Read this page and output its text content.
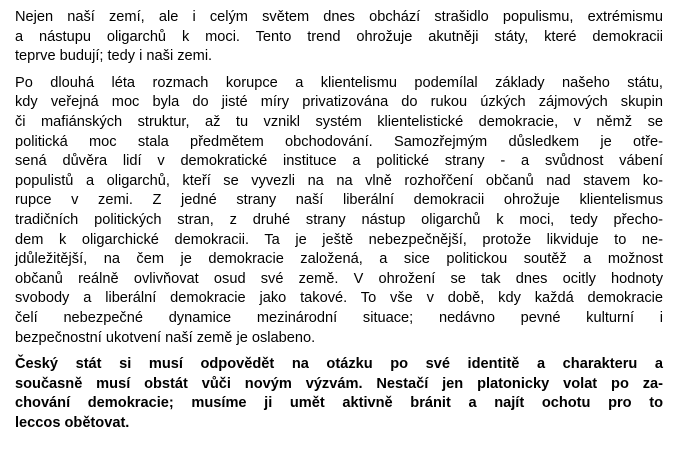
Nejen naší zemí, ale i celým světem dnes obchází strašidlo populismu, extrémismu
a nástupu oligarchů k moci. Tento trend ohrožuje akutněji státy, které demokracii
teprve budují; tedy i naši zemi.

Po dlouhá léta rozmach korupce a klientelismu podemílal základy našeho státu,
kdy veřejná moc byla do jisté míry privatizována do rukou úzkých zájmových skupin
či mafiánských struktur, až tu vznikl systém klientelistické demokracie, v němž se
politická moc stala předmětem obchodování. Samozřejmým důsledkem je otře-
sená důvěra lidí v demokratické instituce a politické strany - a svůdnost vábení
populistů a oligarchů, kteří se vyvezli na na vlně rozhořčení občanů nad stavem ko-
rupce v zemi. Z jedné strany naší liberální demokracii ohrožuje klientelismus
tradičních politických stran, z druhé strany nástup oligarchů k moci, tedy přecho-
dem k oligarchické demokracii. Ta je ještě nebezpečnější, protože likviduje to ne-
jdůležitější, na čem je demokracie založená, a sice politickou soutěž a možnost
občanů reálně ovlivňovat osud své země. V ohrožení se tak dnes ocitly hodnoty
svobody a liberální demokracie jako takové. To vše v době, kdy každá demokracie
čelí nebezpečné dynamice mezinárodní situace; nedávno pevné kulturní i
bezpečnostní ukotvení naší země je oslabeno.

Český stát si musí odpovědět na otázku po své identitě a charakteru a
současně musí obstát vůči novým výzvám. Nestačí jen platonicky volat po za-
chování demokracie; musíme ji umět aktivně bránit a najít ochotu pro to
leccos obětovat.
